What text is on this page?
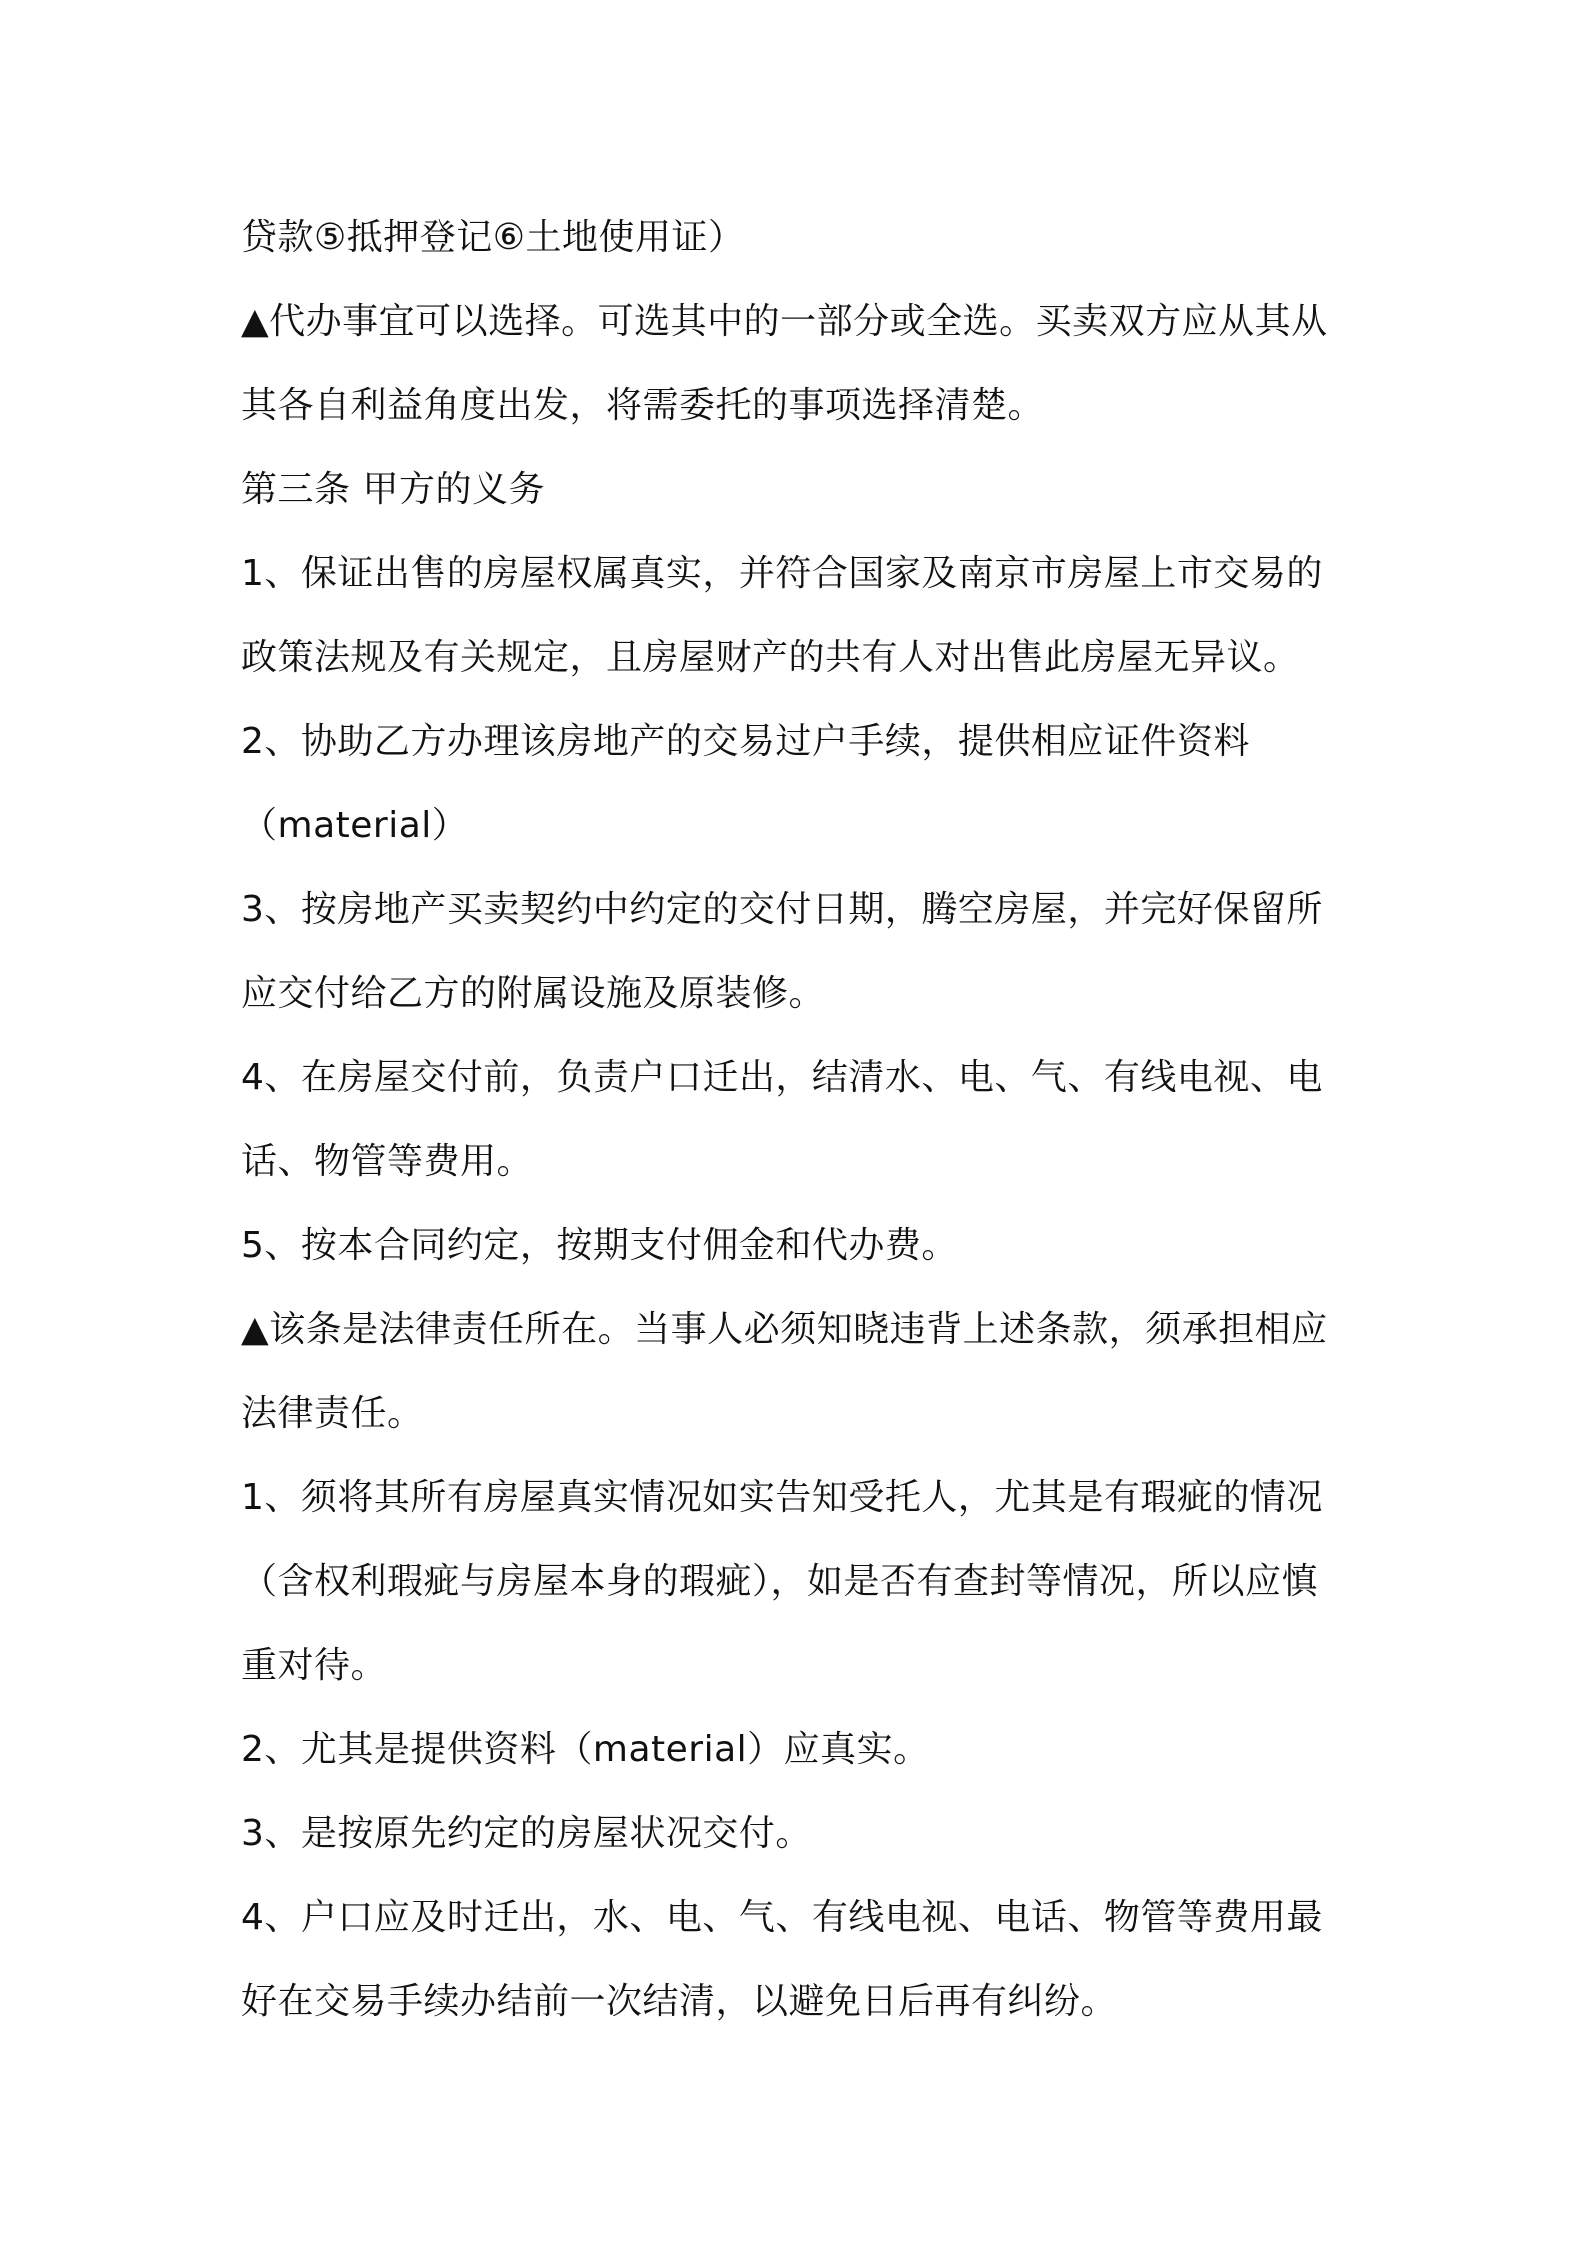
贷款⑤抵押登记⑥土地使用证）
▲代办事宜可以选择。可选其中的一部分或全选。买卖双方应从其从
其各自利益角度出发，将需委托的事项选择清楚。
第三条 甲方的义务
1、保证出售的房屋权属真实，并符合国家及南京市房屋上市交易的
政策法规及有关规定，且房屋财产的共有人对出售此房屋无异议。
2、协助乙方办理该房地产的交易过户手续，提供相应证件资料
（material）
3、按房地产买卖契约中约定的交付日期，腾空房屋，并完好保留所
应交付给乙方的附属设施及原装修。
4、在房屋交付前，负责户口迁出，结清水、电、气、有线电视、电
话、物管等费用。
5、按本合同约定，按期支付佣金和代办费。
▲该条是法律责任所在。当事人必须知晓违背上述条款，须承担相应
法律责任。
1、须将其所有房屋真实情况如实告知受托人，尤其是有瑕疵的情况
（含权利瑕疵与房屋本身的瑕疵），如是否有查封等情况，所以应慎
重对待。
2、尤其是提供资料（material）应真实。
3、是按原先约定的房屋状况交付。
4、户口应及时迁出，水、电、气、有线电视、电话、物管等费用最
好在交易手续办结前一次结清，以避免日后再有纠纷。
